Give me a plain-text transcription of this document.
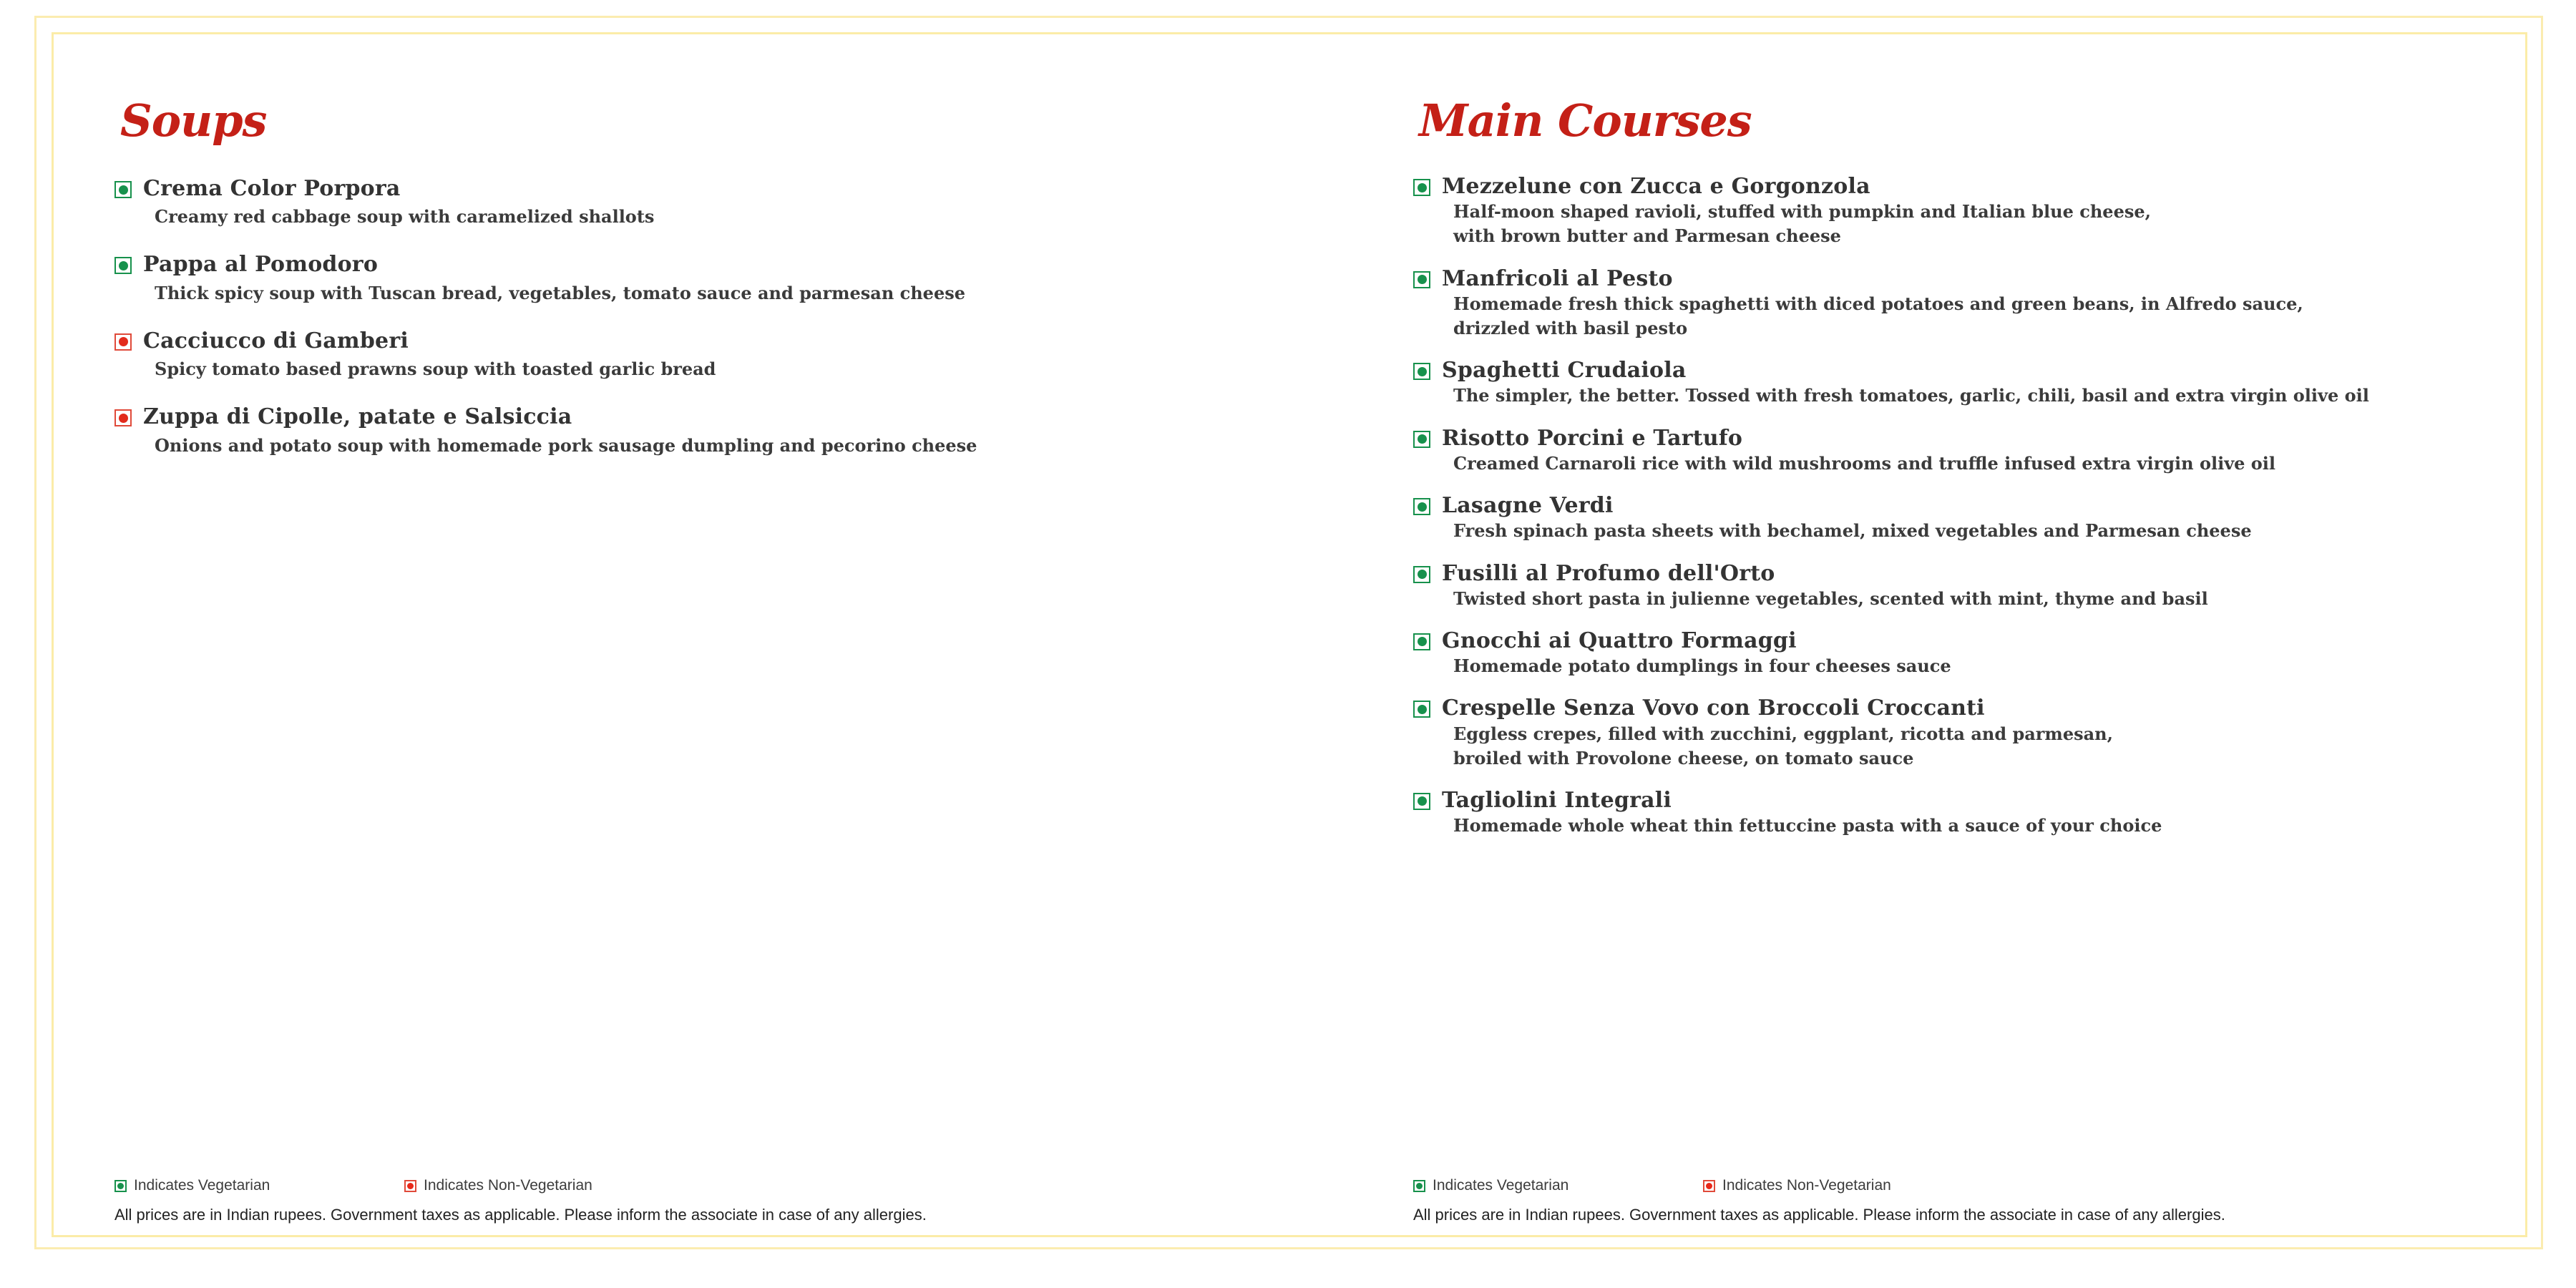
Soups
Crema Color Porpora
Creamy red cabbage soup with caramelized shallots
Pappa al Pomodoro
Thick spicy soup with Tuscan bread, vegetables, tomato sauce and parmesan cheese
Cacciucco di Gamberi
Spicy tomato based prawns soup with toasted garlic bread
Zuppa di Cipolle, patate e Salsiccia
Onions and potato soup with homemade pork sausage dumpling and pecorino cheese
Main Courses
Mezzelune con Zucca e Gorgonzola
Half-moon shaped ravioli, stuffed with pumpkin and Italian blue cheese,
with brown butter and Parmesan cheese
Manfricoli al Pesto
Homemade fresh thick spaghetti with diced potatoes and green beans, in Alfredo sauce,
drizzled with basil pesto
Spaghetti Crudaiola
The simpler, the better. Tossed with fresh tomatoes, garlic, chili, basil and extra virgin olive oil
Risotto Porcini e Tartufo
Creamed Carnaroli rice with wild mushrooms and truffle infused extra virgin olive oil
Lasagne Verdi
Fresh spinach pasta sheets with bechamel, mixed vegetables and Parmesan cheese
Fusilli al Profumo dell'Orto
Twisted short pasta in julienne vegetables, scented with mint, thyme and basil
Gnocchi ai Quattro Formaggi
Homemade potato dumplings in four cheeses sauce
Crespelle Senza Vovo con Broccoli Croccanti
Eggless crepes, filled with zucchini, eggplant, ricotta and parmesan,
broiled with Provolone cheese, on tomato sauce
Tagliolini Integrali
Homemade whole wheat thin fettuccine pasta with a sauce of your choice
Indicates Vegetarian	Indicates Non-Vegetarian
All prices are in Indian rupees. Government taxes as applicable. Please inform the associate in case of any allergies.
Indicates Vegetarian	Indicates Non-Vegetarian
All prices are in Indian rupees. Government taxes as applicable. Please inform the associate in case of any allergies.
